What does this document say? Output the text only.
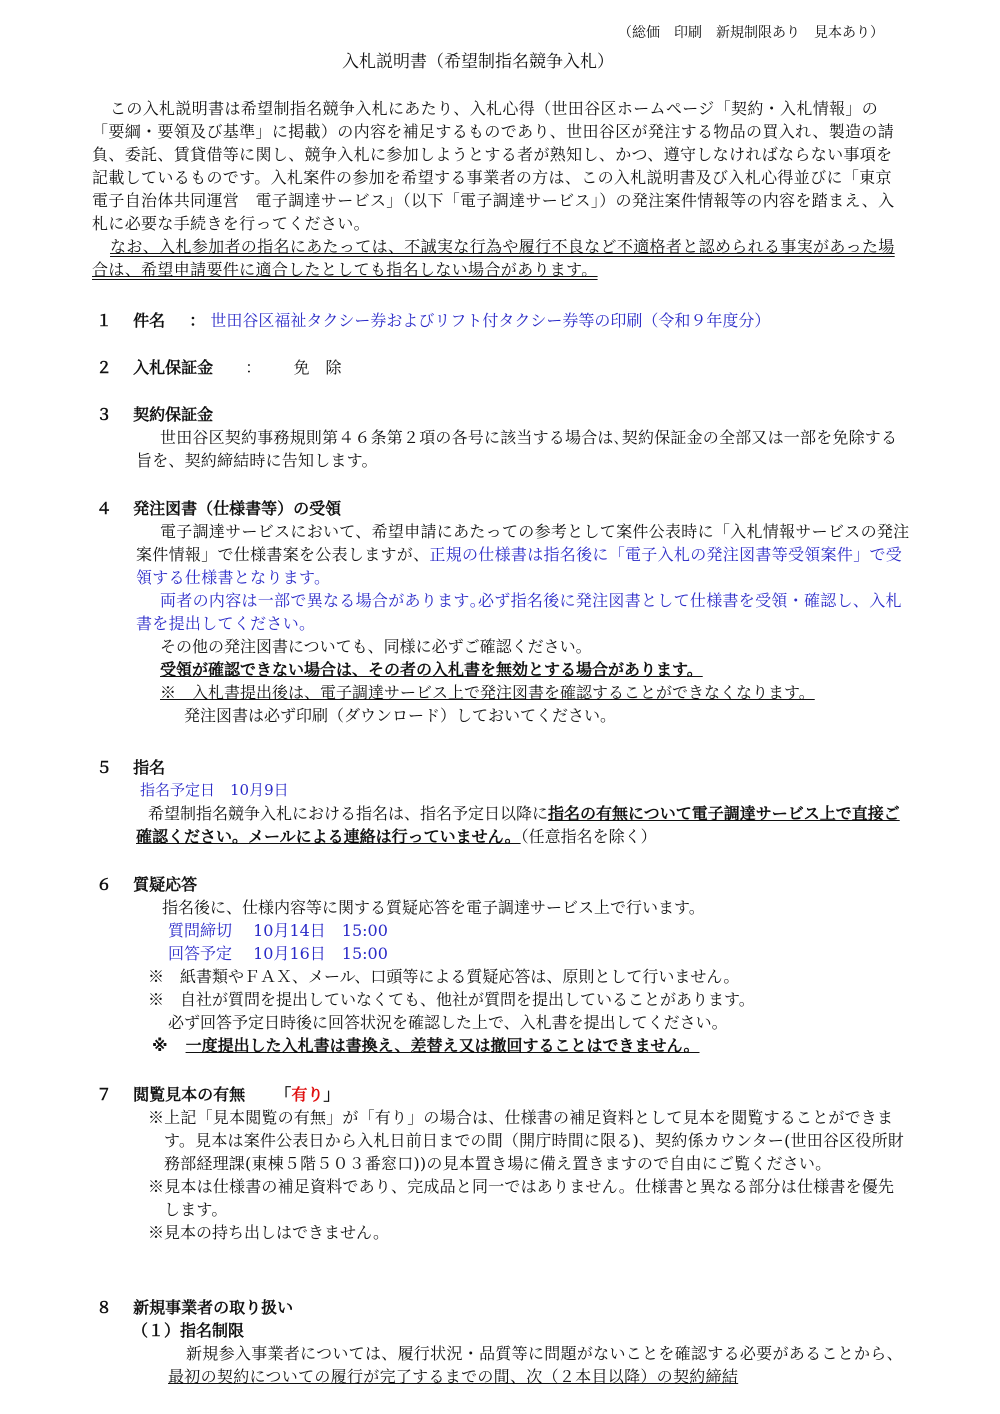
（総価　印刷　新規制限あり　見本あり）
入札説明書（希望制指名競争入札）

この入札説明書は希望制指名競争入札にあたり、入札心得（世田谷区ホームページ「契約・入札情報」の「要綱・要領及び基準」に掲載）の内容を補足するものであり、世田谷区が発注する物品の買入れ、製造の請負、委託、賃貸借等に関し、競争入札に参加しようとする者が熟知し、かつ、遵守しなければならない事項を記載しているものです。入札案件の参加を希望する事業者の方は、この入札説明書及び入札心得並びに「東京電子自治体共同運営　電子調達サービス」（以下「電子調達サービス」）の発注案件情報等の内容を踏まえ、入札に必要な手続きを行ってください。

なお、入札参加者の指名にあたっては、不誠実な行為や履行不良など不適格者と認められる事実があった場合は、希望申請要件に適合したとしても指名しない場合があります。

１ 件名 ： 世田谷区福祉タクシー券およびリフト付タクシー券等の印刷（令和９年度分）
２ 入札保証金 ： 免　除
３ 契約保証金

世田谷区契約事務規則第４６条第２項の各号に該当する場合は､契約保証金の全部又は一部を免除する旨を、契約締結時に告知します。

４ 発注図書（仕様書等）の受領

電子調達サービスにおいて、希望申請にあたっての参考として案件公表時に「入札情報サービスの発注案件情報」で仕様書案を公表しますが、正規の仕様書は指名後に「電子入札の発注図書等受領案件」で受領する仕様書となります。

両者の内容は一部で異なる場合があります｡必ず指名後に発注図書として仕様書を受領・確認し、入札書を提出してください。

その他の発注図書についても、同様に必ずご確認ください。

受領が確認できない場合は、その者の入札書を無効とする場合があります。

※　入札書提出後は、電子調達サービス上で発注図書を確認することができなくなります。

発注図書は必ず印刷（ダウンロード）しておいてください。

５ 指名

指名予定日　10月9日

希望制指名競争入札における指名は、指名予定日以降に指名の有無について電子調達サービス上で直接ご確認ください。メールによる連絡は行っていません。（任意指名を除く）

６ 質疑応答

指名後に、仕様内容等に関する質疑応答を電子調達サービス上で行います。

質問締切　 10月14日　15:00

回答予定　 10月16日　15:00

※　紙書類やＦＡＸ、メール、口頭等による質疑応答は、原則として行いません。

※　自社が質問を提出していなくても、他社が質問を提出していることがあります。

必ず回答予定日時後に回答状況を確認した上で、入札書を提出してください。

※ 一度提出した入札書は書換え、差替え又は撤回することはできません。

７ 閲覧見本の有無 「有り」

※上記「見本閲覧の有無」が「有り」の場合は、仕様書の補足資料として見本を閲覧することができます。見本は案件公表日から入札日前日までの間（開庁時間に限る)、契約係カウンター(世田谷区役所財務部経理課(東棟５階５０３番窓口))の見本置き場に備え置きますので自由にご覧ください。

※見本は仕様書の補足資料であり、完成品と同一ではありません。仕様書と異なる部分は仕様書を優先します。

※見本の持ち出しはできません。

８ 新規事業者の取り扱い

（１）指名制限

新規参入事業者については、履行状況・品質等に問題がないことを確認する必要があることから、最初の契約についての履行が完了するまでの間、次（２本目以降）の契約締結
